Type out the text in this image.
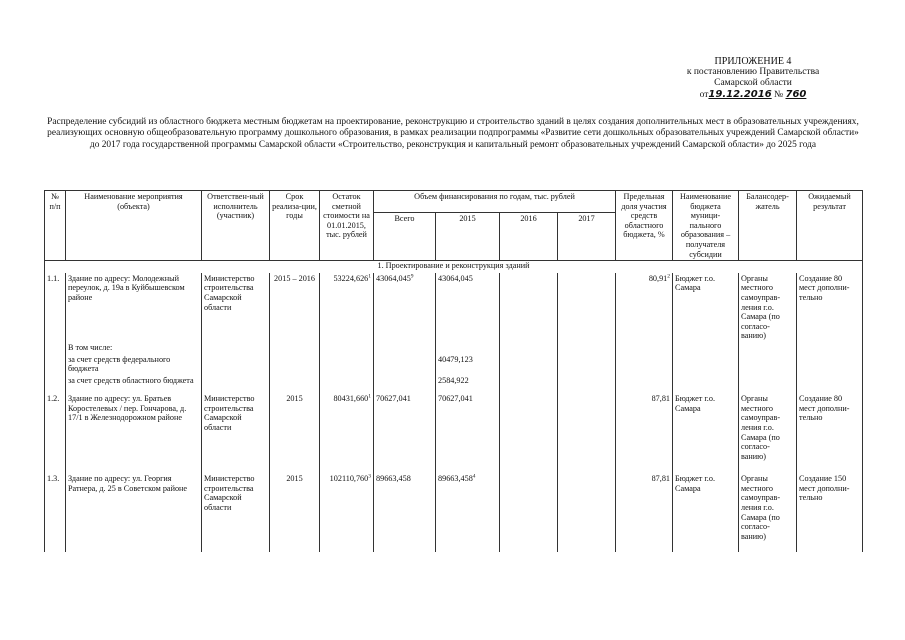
ПРИЛОЖЕНИЕ 4
к постановлению Правительства
Самарской области
от19.12.2016 № 760
Распределение субсидий из областного бюджета местным бюджетам на проектирование, реконструкцию и строительство зданий в целях создания дополнительных мест в образовательных учреждениях, реализующих основную общеобразовательную программу дошкольного образования, в рамках реализации подпрограммы «Развитие сети дошкольных образовательных учреждений Самарской области» до 2017 года государственной программы Самарской области «Строительство, реконструкция и капитальный ремонт образовательных учреждений Самарской области» до 2025 года
№ п/п	Наименование мероприятия (объекта)	Ответствен-ный исполнитель (участник)	Срок реализа-ции, годы	Остаток сметной стоимости на 01.01.2015, тыс. рублей	Объем финансирования по годам, тыс. рублей				Предельная доля участия средств областного бюджета, %	Наименование бюджета муници-пального образования – получателя субсидии	Балансодер-жатель	Ожидаемый результат
					Всего	2015	2016	2017				
1. Проектирование и реконструкция зданий												
1.1.	Здание по адресу: Молодежный переулок, д. 19а в Куйбышевском районе	Министерство строительства Самарской области	2015 – 2016	53224,626$^1$	43064,045$^9$	43064,045			80,91$^2$	Бюджет г.о. Самара	Органы местного самоуправ-ления г.о. Самара (по согласо-ванию)	Создание 80 мест дополни-тельно
	В том числе:											
	за счет средств федерального бюджета					40479,123						
	за счет средств областного бюджета					2584,922						
1.2.	Здание по адресу: ул. Братьев Коростелевых / пер. Гончарова, д. 17/1 в Железнодорожном районе	Министерство строительства Самарской области	2015	80431,660$^1$	70627,041	70627,041			87,81	Бюджет г.о. Самара	Органы местного самоуправ-ления г.о. Самара (по согласо-ванию)	Создание 80 мест дополни-тельно
1.3.	Здание по адресу: ул. Георгия Ратнера, д. 25 в Советском районе	Министерство строительства Самарской области	2015	102110,760$^3$	89663,458	89663,458$^4$			87,81	Бюджет г.о. Самара	Органы местного самоуправ-ления г.о. Самара (по согласо-ванию)	Создание 150 мест дополни-тельно
